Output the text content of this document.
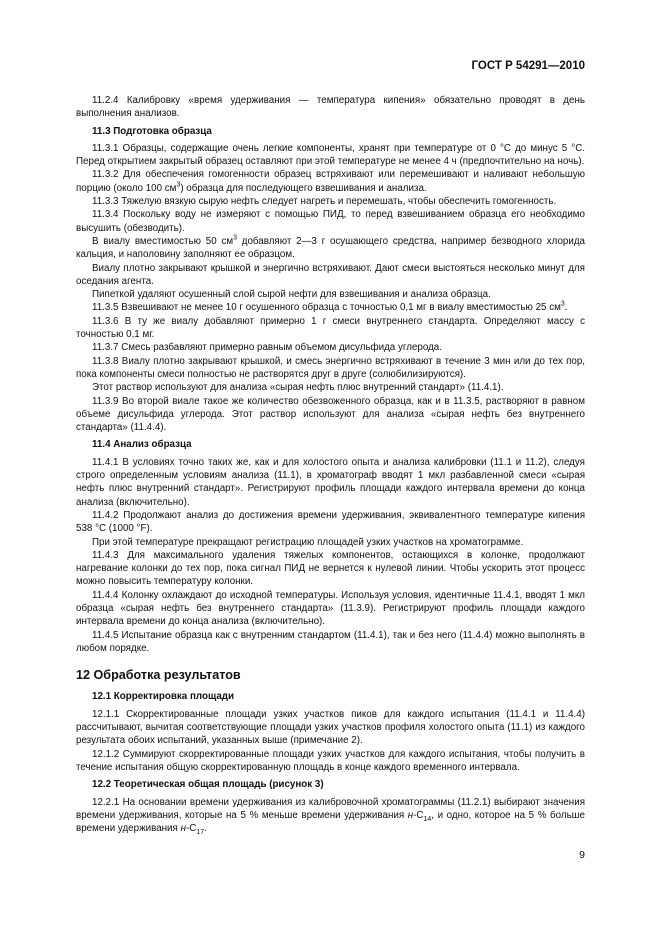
ГОСТ Р 54291—2010
11.2.4 Калибровку «время удерживания — температура кипения» обязательно проводят в день выполнения анализов.
11.3 Подготовка образца
11.3.1 Образцы, содержащие очень легкие компоненты, хранят при температуре от 0 °С до минус 5 °С. Перед открытием закрытый образец оставляют при этой температуре не менее 4 ч (предпочтительно на ночь).
11.3.2 Для обеспечения гомогенности образец встряхивают или перемешивают и наливают небольшую порцию (около 100 $см^3$) образца для последующего взвешивания и анализа.
11.3.3 Тяжелую вязкую сырую нефть следует нагреть и перемешать, чтобы обеспечить гомогенность.
11.3.4 Поскольку воду не измеряют с помощью ПИД, то перед взвешиванием образца его необходимо высушить (обезводить).
В виалу вместимостью 50 $см^3$ добавляют 2—3 г осушающего средства, например безводного хлорида кальция, и наполовину заполняют ее образцом.
Виалу плотно закрывают крышкой и энергично встряхивают. Дают смеси выстояться несколько минут для оседания агента.
Пипеткой удаляют осушенный слой сырой нефти для взвешивания и анализа образца.
11.3.5 Взвешивают не менее 10 г осушенного образца с точностью 0,1 мг в виалу вместимостью 25 $см^3$.
11.3.6 В ту же виалу добавляют примерно 1 г смеси внутреннего стандарта. Определяют массу с точностью 0,1 мг.
11.3.7 Смесь разбавляют примерно равным объемом дисульфида углерода.
11.3.8 Виалу плотно закрывают крышкой, и смесь энергично встряхивают в течение 3 мин или до тех пор, пока компоненты смеси полностью не растворятся друг в друге (солюбилизируются).
Этот раствор используют для анализа «сырая нефть плюс внутренний стандарт» (11.4.1).
11.3.9 Во второй виале такое же количество обезвоженного образца, как и в 11.3.5, растворяют в равном объеме дисульфида углерода. Этот раствор используют для анализа «сырая нефть без внутреннего стандарта» (11.4.4).
11.4 Анализ образца
11.4.1 В условиях точно таких же, как и для холостого опыта и анализа калибровки (11.1 и 11.2), следуя строго определенным условиям анализа (11.1), в хроматограф вводят 1 мкл разбавленной смеси «сырая нефть плюс внутренний стандарт». Регистрируют профиль площади каждого интервала времени до конца анализа (включительно).
11.4.2 Продолжают анализ до достижения времени удерживания, эквивалентного температуре кипения 538 °С (1000 °F).
При этой температуре прекращают регистрацию площадей узких участков на хроматограмме.
11.4.3 Для максимального удаления тяжелых компонентов, остающихся в колонке, продолжают нагревание колонки до тех пор, пока сигнал ПИД не вернется к нулевой линии. Чтобы ускорить этот процесс можно повысить температуру колонки.
11.4.4 Колонку охлаждают до исходной температуры. Используя условия, идентичные 11.4.1, вводят 1 мкл образца «сырая нефть без внутреннего стандарта» (11.3.9). Регистрируют профиль площади каждого интервала времени до конца анализа (включительно).
11.4.5 Испытание образца как с внутренним стандартом (11.4.1), так и без него (11.4.4) можно выполнять в любом порядке.
12 Обработка результатов
12.1 Корректировка площади
12.1.1 Скорректированные площади узких участков пиков для каждого испытания (11.4.1 и 11.4.4) рассчитывают, вычитая соответствующие площади узких участков профиля холостого опыта (11.1) из каждого результата обоих испытаний, указанных выше (примечание 2).
12.1.2 Суммируют скорректированные площади узких участков для каждого испытания, чтобы получить в течение испытания общую скорректированную площадь в конце каждого временного интервала.
12.2 Теоретическая общая площадь (рисунок 3)
12.2.1 На основании времени удерживания из калибровочной хроматограммы (11.2.1) выбирают значения времени удерживания, которые на 5 % меньше времени удерживания $н-С_{14}$, и одно, которое на 5 % больше времени удерживания $н-С_{17}$.
9
